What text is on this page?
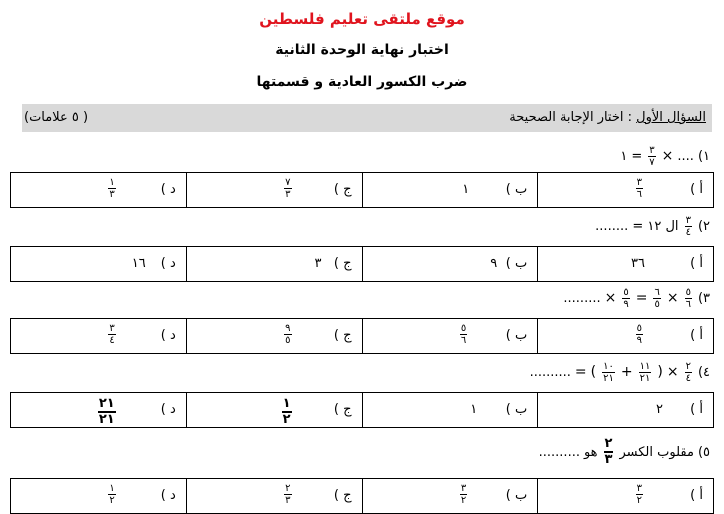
موقع ملتقى تعليم فلسطين
اختبار نهاية الوحدة الثانية
ضرب الكسور العادية و قسمتها
السؤال الأول : اختار الإجابة الصحيحة
( ٥ علامات)
١)
....
×
$\frac{٣}{٧}$
=
١
أ )
٣
٦
ب )
١
ج )
٧
٣
د )
١
٣
٢)
$\frac{٣}{٤}$
ال ١٢ = ........
أ )
٣٦
ب )
٩
ج )
٣
د )
١٦
٣)
$\frac{٥}{٦}$
×
$\frac{٦}{٥}$
=
$\frac{٥}{٩}$
×
.........
أ )
٥
٩
ب )
٥
٦
ج )
٩
٥
د )
٣
٤
٤)
$\frac{٢}{٤}$
×
(
$\frac{١١}{٢١}$
+
$\frac{١٠}{٢١}$
)
=
..........
أ )
٢
ب )
١
ج )
١
٢
د )
٢١
٢١
٥)
مقلوب الكسر
$\frac{٢}{٣}$
هو
..........
أ )
٣
٢
ب )
٣
٢
ج )
٢
٣
د )
١
٢
